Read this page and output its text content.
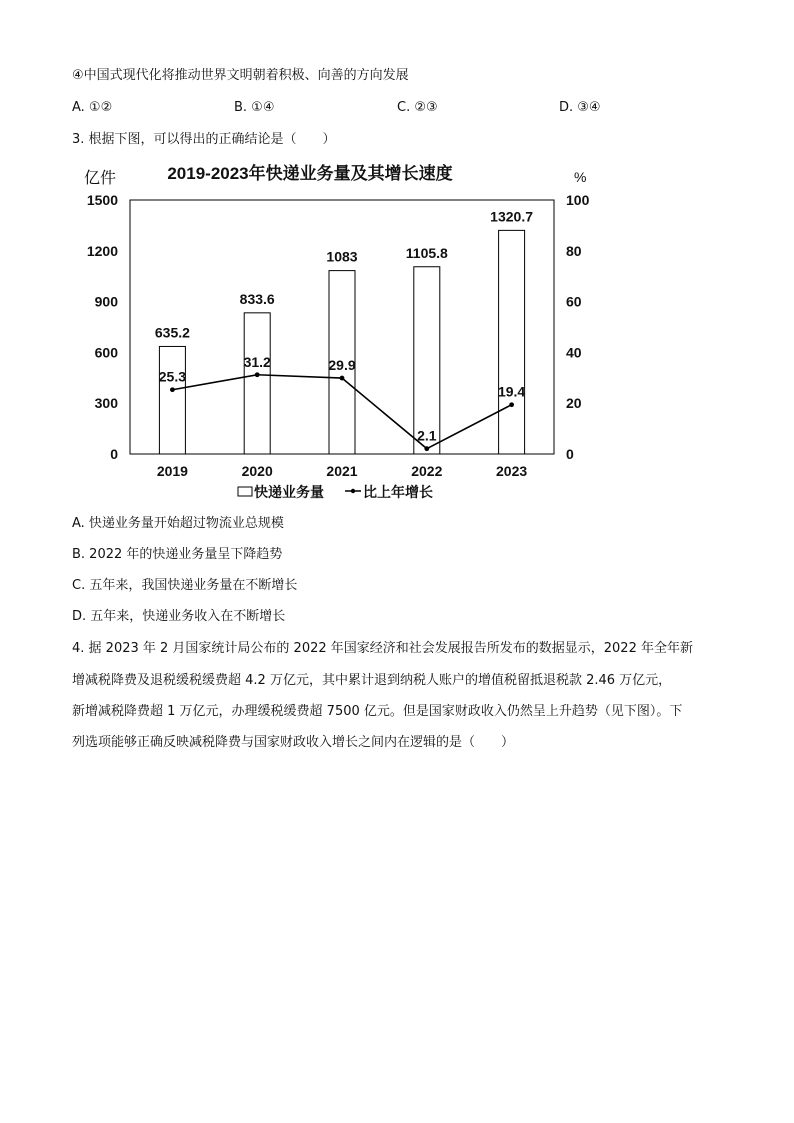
④中国式现代化将推动世界文明朝着积极、向善的方向发展
A. ①②	B. ①④	C. ②③	D. ③④
3. 根据下图，可以得出的正确结论是（　　）
2019-2023年快递业务量及其增长速度
亿件	%
0
300
600
900
1200
1500
0
20
40
60
80
100
2019	2020	2021	2022	2023
635.2
833.6
1083	1105.8
1320.7
25.3
31.2	29.9
2.1
19.4
快递业务量	比上年增长
A. 快递业务量开始超过物流业总规模
B. 2022 年的快递业务量呈下降趋势
C. 五年来，我国快递业务量在不断增长
D. 五年来，快递业务收入在不断增长
4. 据 2023 年 2 月国家统计局公布的 2022 年国家经济和社会发展报告所发布的数据显示，2022 年全年新
增减税降费及退税缓税缓费超 4.2 万亿元，其中累计退到纳税人账户的增值税留抵退税款 2.46 万亿元，
新增减税降费超 1 万亿元，办理缓税缓费超 7500 亿元。但是国家财政收入仍然呈上升趋势（见下图）。下
列选项能够正确反映减税降费与国家财政收入增长之间内在逻辑的是（　　）
